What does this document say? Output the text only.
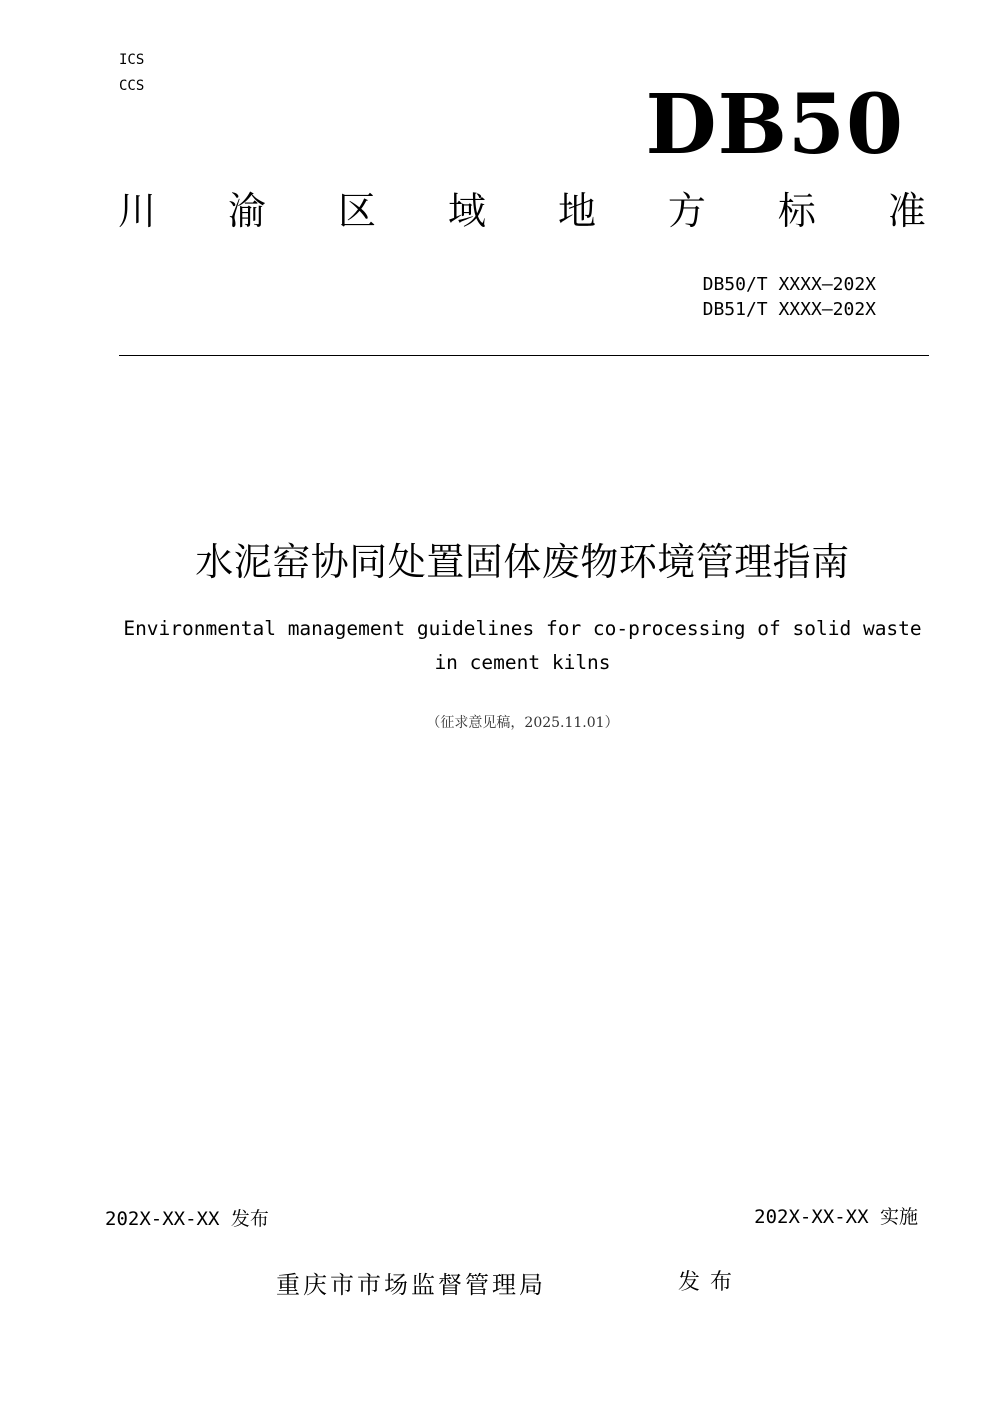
ICS
CCS	DB50
川 渝 区 域 地 方 标 准
DB50/T XXXX—202X
DB51/T XXXX—202X
水泥窑协同处置固体废物环境管理指南
Environmental management guidelines for co-processing of solid waste
in cement kilns
（征求意见稿，2025.11.01）
202X-XX-XX 发布	202X-XX-XX 实施
重庆市市场监督管理局	发布
